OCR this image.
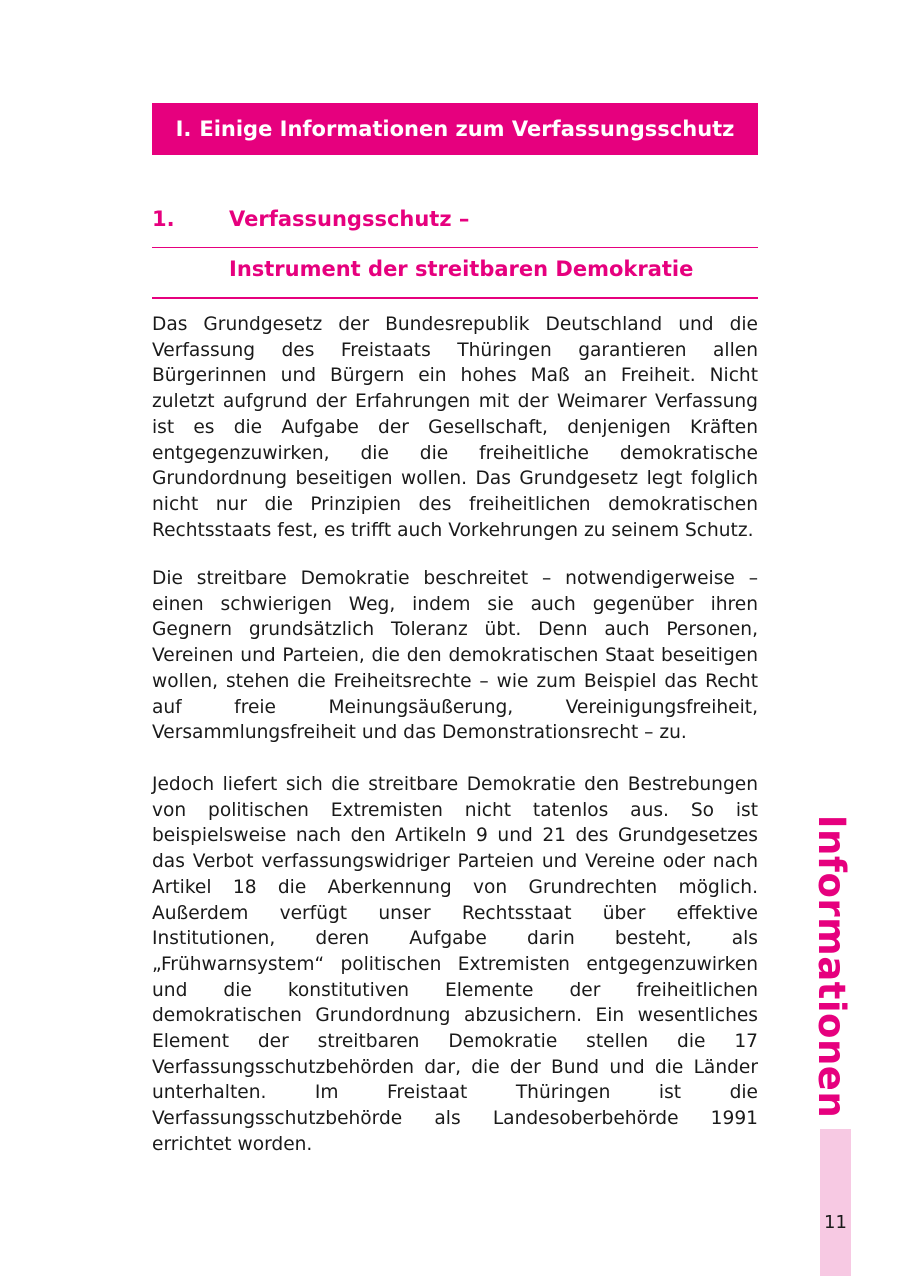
I. Einige Informationen zum Verfassungsschutz
1.	Verfassungsschutz –
Instrument der streitbaren Demokratie

Das Grundgesetz der Bundesrepublik Deutschland und die Verfassung des Freistaats Thüringen garantieren allen Bürgerinnen und Bürgern ein hohes Maß an Freiheit. Nicht zuletzt aufgrund der Erfahrungen mit der Weimarer Verfassung ist es die Aufgabe der Gesellschaft, denjenigen Kräften entgegenzuwirken, die die freiheitliche demokratische Grundordnung beseitigen wollen. Das Grundgesetz legt folglich nicht nur die Prinzipien des freiheitlichen demokratischen Rechtsstaats fest, es trifft auch Vorkehrungen zu seinem Schutz.

Die streitbare Demokratie beschreitet – notwendigerweise – einen schwierigen Weg, indem sie auch gegenüber ihren Gegnern grundsätzlich Toleranz übt. Denn auch Personen, Vereinen und Parteien, die den demokratischen Staat beseitigen wollen, stehen die Freiheitsrechte – wie zum Beispiel das Recht auf freie Meinungsäußerung, Vereinigungsfreiheit, Versammlungsfreiheit und das Demonstrationsrecht – zu.

Jedoch liefert sich die streitbare Demokratie den Bestrebungen von politischen Extremisten nicht tatenlos aus. So ist beispielsweise nach den Artikeln 9 und 21 des Grundgesetzes das Verbot verfassungswidriger Parteien und Vereine oder nach Artikel 18 die Aberkennung von Grundrechten möglich. Außerdem verfügt unser Rechtsstaat über effektive Institutionen, deren Aufgabe darin besteht, als „Frühwarnsystem“ politischen Extremisten entgegenzuwirken und die konstitutiven Elemente der freiheitlichen demokratischen Grundordnung abzusichern. Ein wesentliches Element der streitbaren Demokratie stellen die 17 Verfassungsschutzbehörden dar, die der Bund und die Länder unterhalten. Im Freistaat Thüringen ist die Verfassungsschutzbehörde als Landesoberbehörde 1991 errichtet worden.

Informationen
11
